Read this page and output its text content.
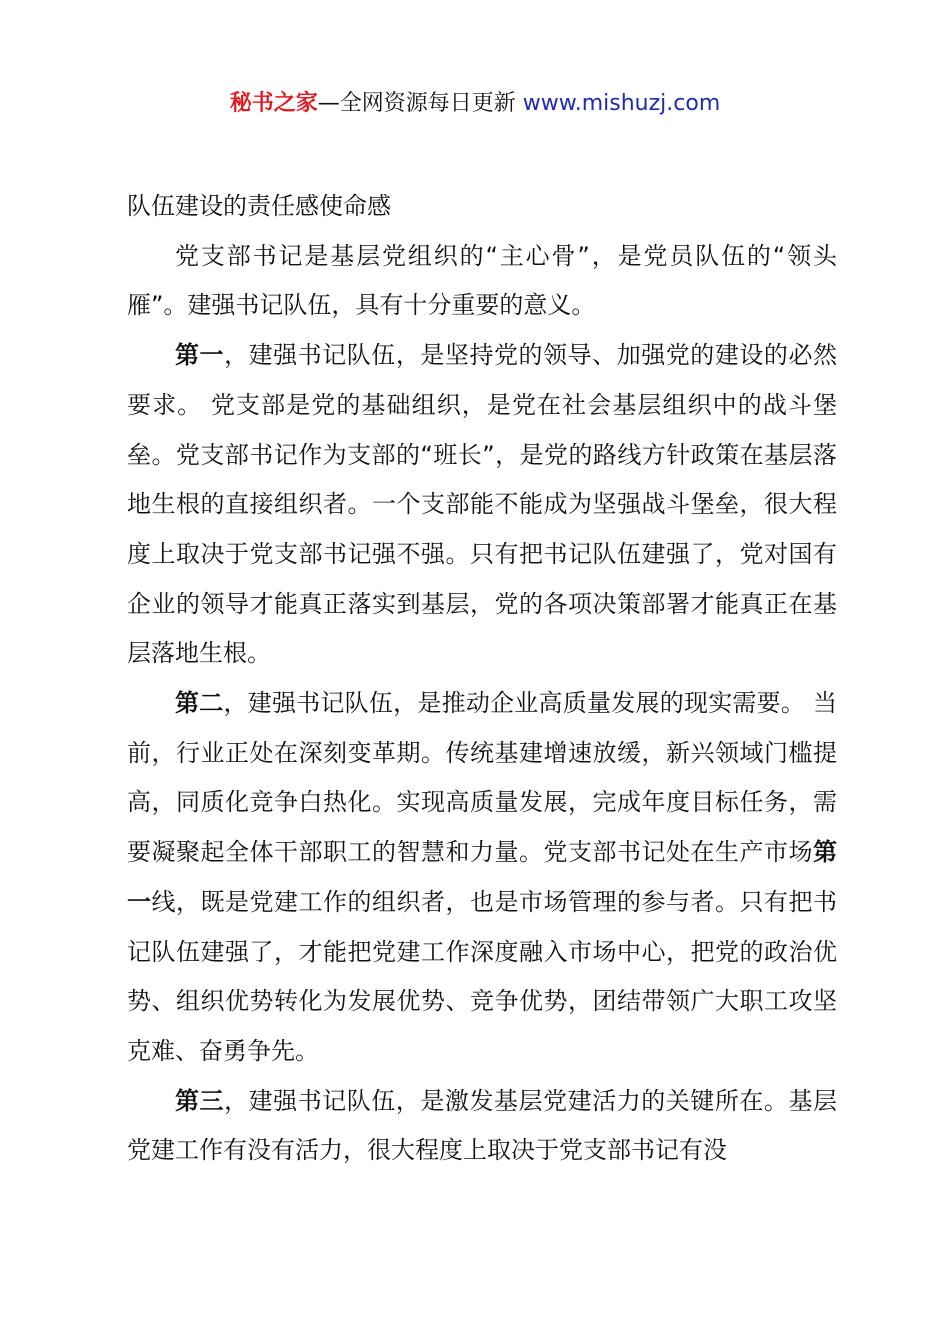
秘书之家—全网资源每日更新 www.mishuzj.com

队伍建设的责任感使命感

党支部书记是基层党组织的“主心骨”，是党员队伍的“领头雁”。建强书记队伍，具有十分重要的意义。

第一，建强书记队伍，是坚持党的领导、加强党的建设的必然要求。 党支部是党的基础组织，是党在社会基层组织中的战斗堡垒。党支部书记作为支部的“班长”，是党的路线方针政策在基层落地生根的直接组织者。一个支部能不能成为坚强战斗堡垒，很大程度上取决于党支部书记强不强。只有把书记队伍建强了，党对国有企业的领导才能真正落实到基层，党的各项决策部署才能真正在基层落地生根。

第二，建强书记队伍，是推动企业高质量发展的现实需要。 当前，行业正处在深刻变革期。传统基建增速放缓，新兴领域门槛提高，同质化竞争白热化。实现高质量发展，完成年度目标任务，需要凝聚起全体干部职工的智慧和力量。党支部书记处在生产市场第一线，既是党建工作的组织者，也是市场管理的参与者。只有把书记队伍建强了，才能把党建工作深度融入市场中心，把党的政治优势、组织优势转化为发展优势、竞争优势，团结带领广大职工攻坚克难、奋勇争先。

第三，建强书记队伍，是激发基层党建活力的关键所在。基层党建工作有没有活力，很大程度上取决于党支部书记有没
